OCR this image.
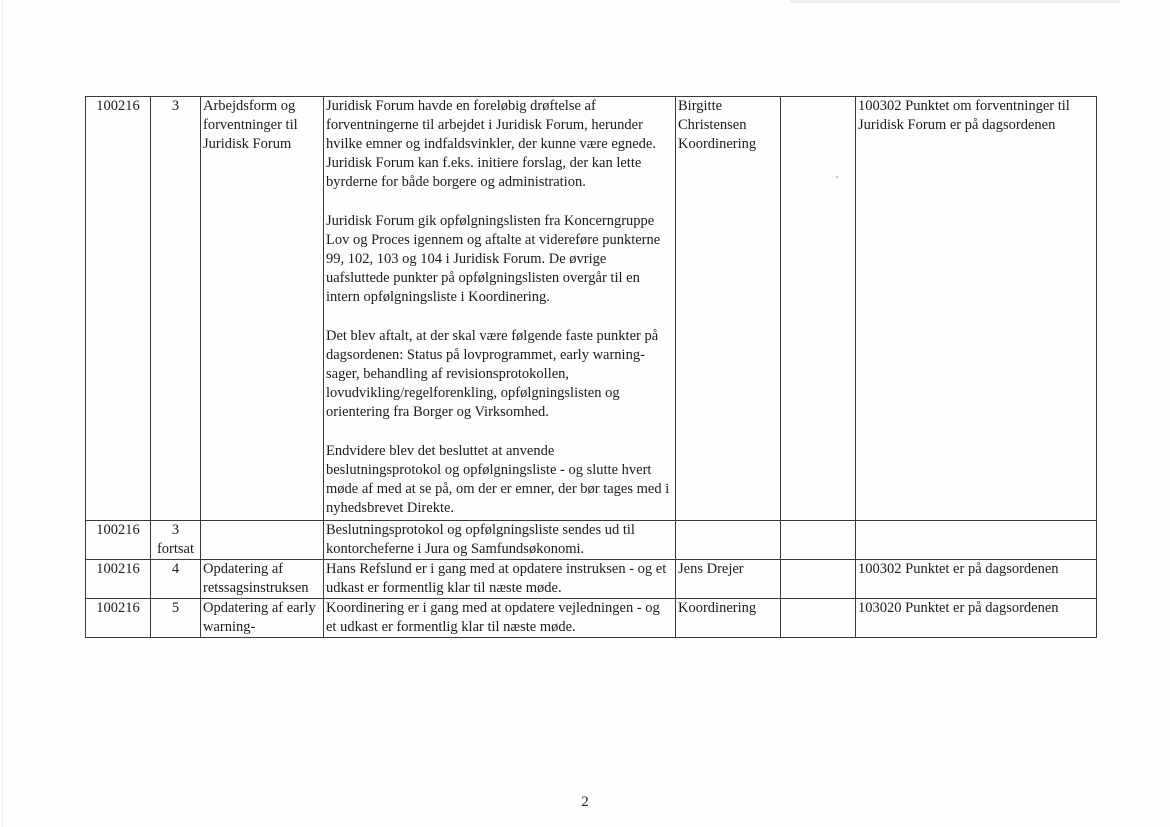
100216	3	Arbejdsform og forventninger til Juridisk Forum	Juridisk Forum havde en foreløbig drøftelse af forventningerne til arbejdet i Juridisk Forum, herunder hvilke emner og indfaldsvinkler, der kunne være egnede. Juridisk Forum kan f.eks. initiere forslag, der kan lette byrderne for både borgere og administration.
Juridisk Forum gik opfølgningslisten fra Koncerngruppe Lov og Proces igennem og aftalte at videreføre punkterne 99, 102, 103 og 104 i Juridisk Forum. De øvrige uafsluttede punkter på opfølgningslisten overgår til en intern opfølgningsliste i Koordinering.
Det blev aftalt, at der skal være følgende faste punkter på dagsordenen: Status på lovprogrammet, early warning-sager, behandling af revisionsprotokollen, lovudvikling/regelforenkling, opfølgningslisten og orientering fra Borger og Virksomhed.
Endvidere blev det besluttet at anvende beslutningsprotokol og opfølgningsliste - og slutte hvert møde af med at se på, om der er emner, der bør tages med i nyhedsbrevet Direkte.	Birgitte Christensen Koordinering		100302 Punktet om forventninger til Juridisk Forum er på dagsordenen
100216	3 fortsat		Beslutningsprotokol og opfølgningsliste sendes ud til kontorcheferne i Jura og Samfundsøkonomi.			

100216	4	Opdatering af retssagsinstruksen	Hans Refslund er i gang med at opdatere instruksen - og et udkast er formentlig klar til næste møde.	Jens Drejer		100302 Punktet er på dagsordenen
100216	5	Opdatering af early warning-	Koordinering er i gang med at opdatere vejledningen - og et udkast er formentlig klar til næste møde.	Koordinering		103020 Punktet er på dagsordenen
2
